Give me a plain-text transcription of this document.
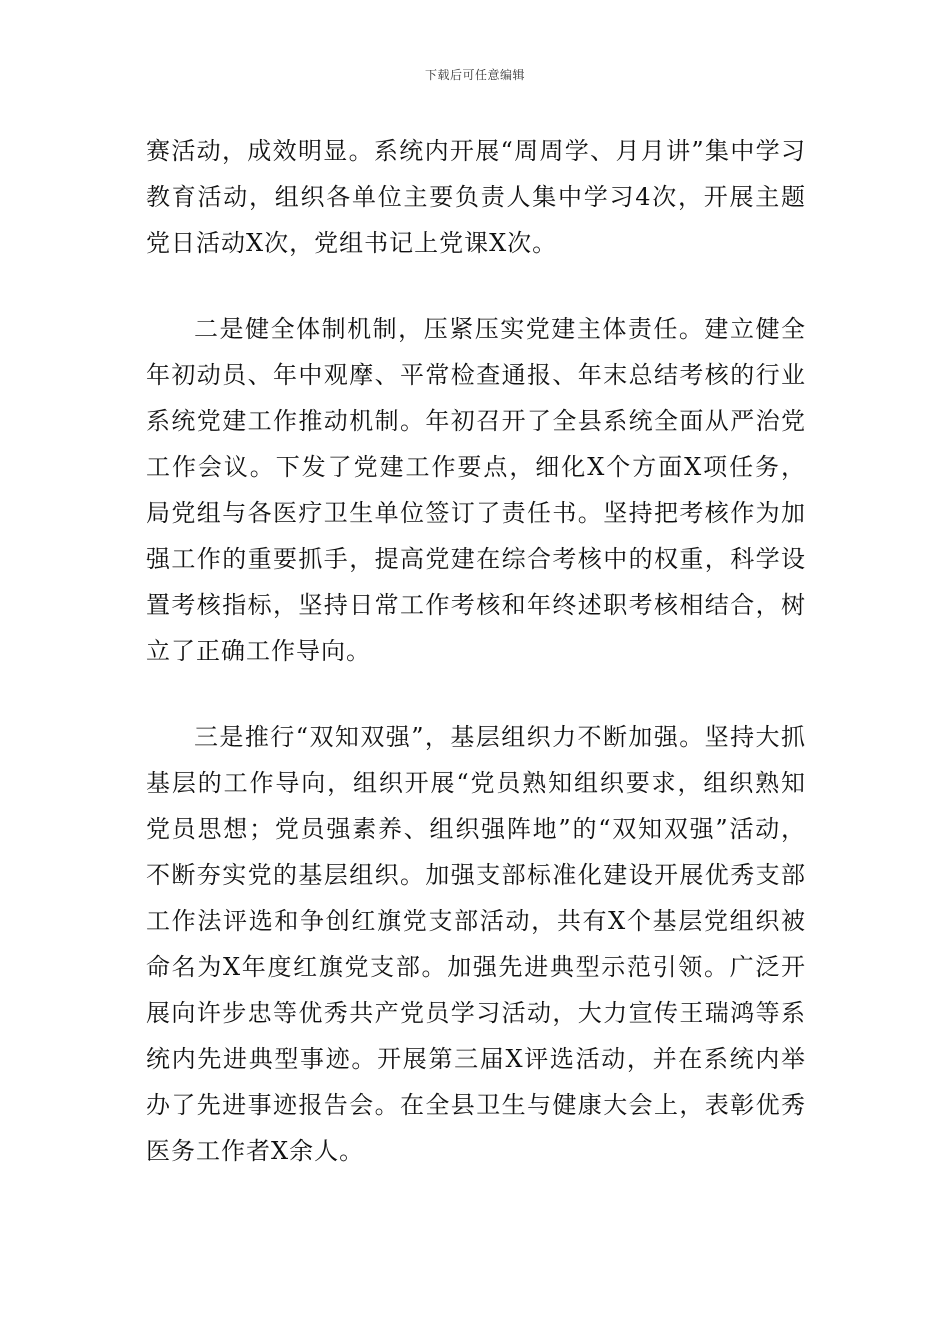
下载后可任意编辑

赛活动，成效明显。系统内开展“周周学、月月讲”集中学习教育活动，组织各单位主要负责人集中学习4次，开展主题党日活动X次，党组书记上党课X次。

二是健全体制机制，压紧压实党建主体责任。建立健全年初动员、年中观摩、平常检查通报、年末总结考核的行业系统党建工作推动机制。年初召开了全县系统全面从严治党工作会议。下发了党建工作要点，细化X个方面X项任务，局党组与各医疗卫生单位签订了责任书。坚持把考核作为加强工作的重要抓手，提高党建在综合考核中的权重，科学设置考核指标，坚持日常工作考核和年终述职考核相结合，树立了正确工作导向。

三是推行“双知双强”，基层组织力不断加强。坚持大抓基层的工作导向，组织开展“党员熟知组织要求，组织熟知党员思想；党员强素养、组织强阵地”的“双知双强”活动，不断夯实党的基层组织。加强支部标准化建设开展优秀支部工作法评选和争创红旗党支部活动，共有X个基层党组织被命名为X年度红旗党支部。加强先进典型示范引领。广泛开展向许步忠等优秀共产党员学习活动，大力宣传王瑞鸿等系统内先进典型事迹。开展第三届X评选活动，并在系统内举办了先进事迹报告会。在全县卫生与健康大会上，表彰优秀医务工作者X余人。
